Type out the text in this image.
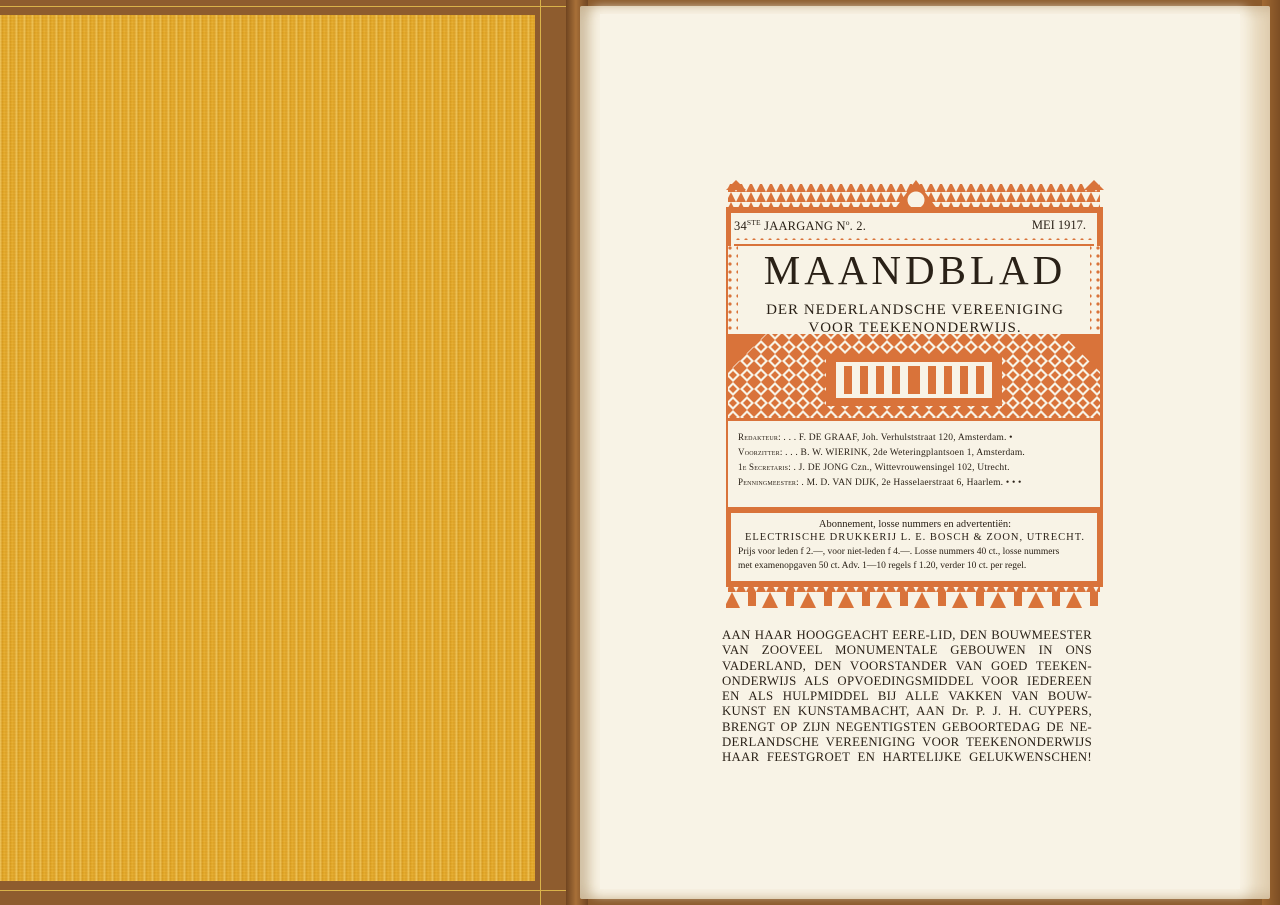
34STE JAARGANG $N^o$. 2.	MEI 1917.
MAANDBLAD
DER NEDERLANDSCHE VEREENIGING
VOOR TEEKENONDERWIJS.
Redakteur: . . . F. DE GRAAF, Joh. Verhulststraat 120, Amsterdam. •
Voorzitter: . . . B. W. WIERINK, 2de Weteringplantsoen 1, Amsterdam.
1e Secretaris: . J. DE JONG Czn., Wittevrouwensingel 102, Utrecht.
Penningmeester: . M. D. VAN DIJK, 2e Hasselaerstraat 6, Haarlem. • • •
Abonnement, losse nummers en advertentiën:
ELECTRISCHE DRUKKERIJ L. E. BOSCH & ZOON, UTRECHT.
Prijs voor leden f 2.—, voor niet-leden f 4.—. Losse nummers 40 ct., losse nummers
met examenopgaven 50 ct. Adv. 1—10 regels f 1.20, verder 10 ct. per regel.
AAN HAAR HOOGGEACHT EERE-LID, DEN BOUWMEESTER
VAN ZOOVEEL MONUMENTALE GEBOUWEN IN ONS
VADERLAND, DEN VOORSTANDER VAN GOED TEEKEN-
ONDERWIJS ALS OPVOEDINGSMIDDEL VOOR IEDEREEN
EN ALS HULPMIDDEL BIJ ALLE VAKKEN VAN BOUW-
KUNST EN KUNSTAMBACHT, AAN Dr. P. J. H. CUYPERS,
BRENGT OP ZIJN NEGENTIGSTEN GEBOORTEDAG DE NE-
DERLANDSCHE VEREENIGING VOOR TEEKENONDERWIJS
HAAR FEESTGROET EN HARTELIJKE GELUKWENSCHEN!
